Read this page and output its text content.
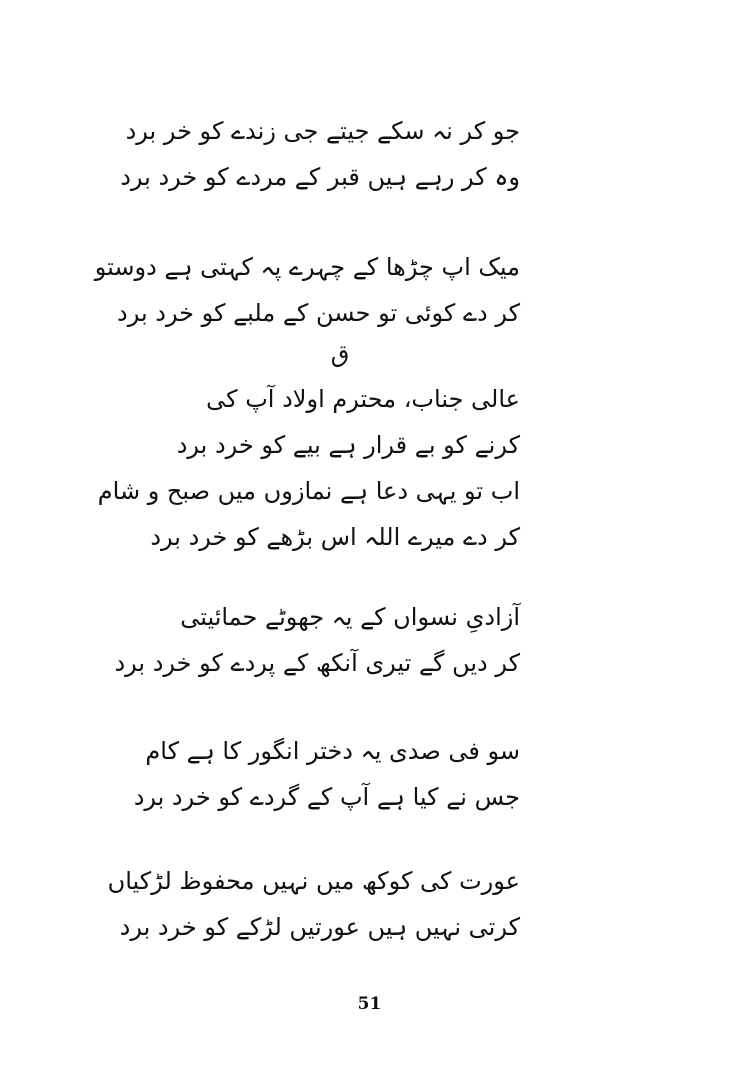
جو کر نہ سکے جیتے جی زندے کو خر برد
وہ کر رہے ہیں قبر کے مردے کو خرد برد
میک اپ چڑھا کے چہرے پہ کہتی ہے دوستو
کر دے کوئی تو حسن کے ملبے کو خرد برد
ق
عالی جناب، محترم اولاد آپ کی
کرنے کو بے قرار ہے بیے کو خرد برد
اب تو یہی دعا ہے نمازوں میں صبح و شام
کر دے میرے اللہ اس بڑھے کو خرد برد
آزادیِ نسواں کے یہ جھوٹے حمائیتی
کر دیں گے تیری آنکھ کے پردے کو خرد برد
سو فی صدی یہ دختر انگور کا ہے کام
جس نے کیا ہے آپ کے گردے کو خرد برد
عورت کی کوکھ میں نہیں محفوظ لڑکیاں
کرتی نہیں ہیں عورتیں لڑکے کو خرد برد
51
